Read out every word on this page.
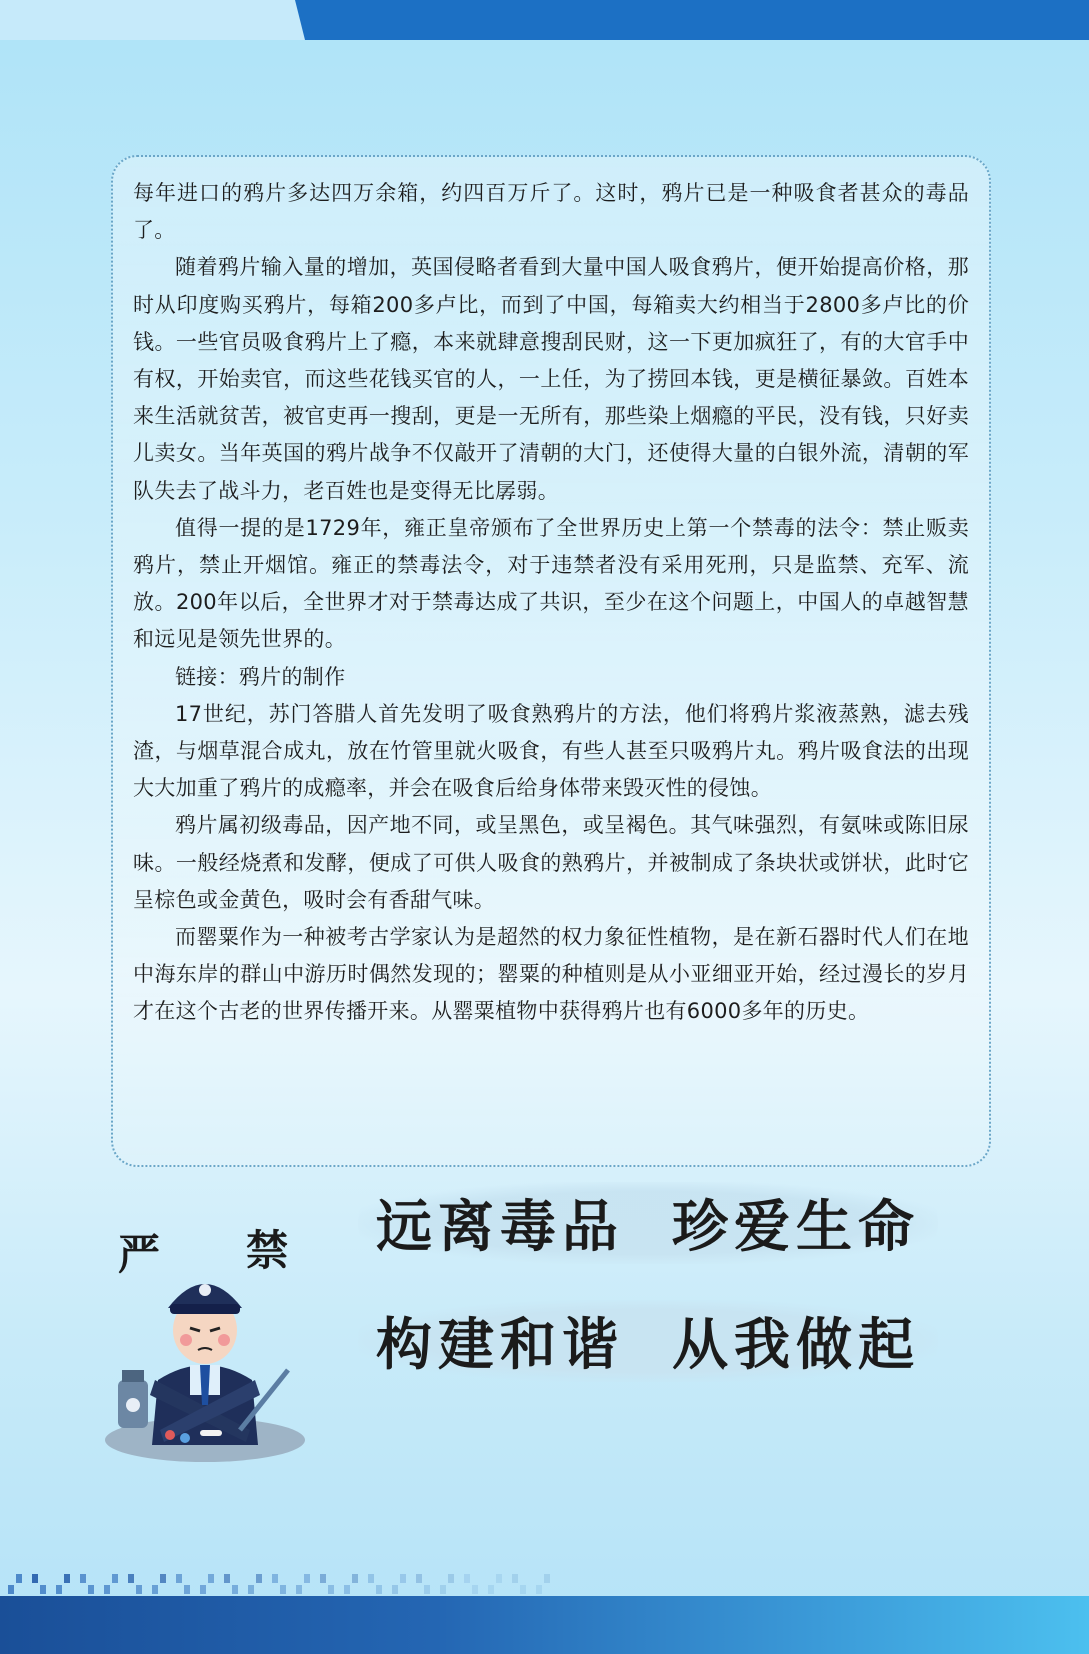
每年进口的鸦片多达四万余箱，约四百万斤了。这时，鸦片已是一种吸食者甚众的毒品了。

随着鸦片输入量的增加，英国侵略者看到大量中国人吸食鸦片，便开始提高价格，那时从印度购买鸦片，每箱200多卢比，而到了中国，每箱卖大约相当于2800多卢比的价钱。一些官员吸食鸦片上了瘾，本来就肆意搜刮民财，这一下更加疯狂了，有的大官手中有权，开始卖官，而这些花钱买官的人，一上任，为了捞回本钱，更是横征暴敛。百姓本来生活就贫苦，被官吏再一搜刮，更是一无所有，那些染上烟瘾的平民，没有钱，只好卖儿卖女。当年英国的鸦片战争不仅敲开了清朝的大门，还使得大量的白银外流，清朝的军队失去了战斗力，老百姓也是变得无比孱弱。

值得一提的是1729年，雍正皇帝颁布了全世界历史上第一个禁毒的法令：禁止贩卖鸦片，禁止开烟馆。雍正的禁毒法令，对于违禁者没有采用死刑，只是监禁、充军、流放。200年以后，全世界才对于禁毒达成了共识，至少在这个问题上，中国人的卓越智慧和远见是领先世界的。

链接：鸦片的制作

17世纪，苏门答腊人首先发明了吸食熟鸦片的方法，他们将鸦片浆液蒸熟，滤去残渣，与烟草混合成丸，放在竹管里就火吸食，有些人甚至只吸鸦片丸。鸦片吸食法的出现大大加重了鸦片的成瘾率，并会在吸食后给身体带来毁灭性的侵蚀。

鸦片属初级毒品，因产地不同，或呈黑色，或呈褐色。其气味强烈，有氨味或陈旧尿味。一般经烧煮和发酵，便成了可供人吸食的熟鸦片，并被制成了条块状或饼状，此时它呈棕色或金黄色，吸时会有香甜气味。

而罂粟作为一种被考古学家认为是超然的权力象征性植物，是在新石器时代人们在地中海东岸的群山中游历时偶然发现的；罂粟的种植则是从小亚细亚开始，经过漫长的岁月才在这个古老的世界传播开来。从罂粟植物中获得鸦片也有6000多年的历史。

严 禁 远离毒品 珍爱生命
构建和谐 从我做起
